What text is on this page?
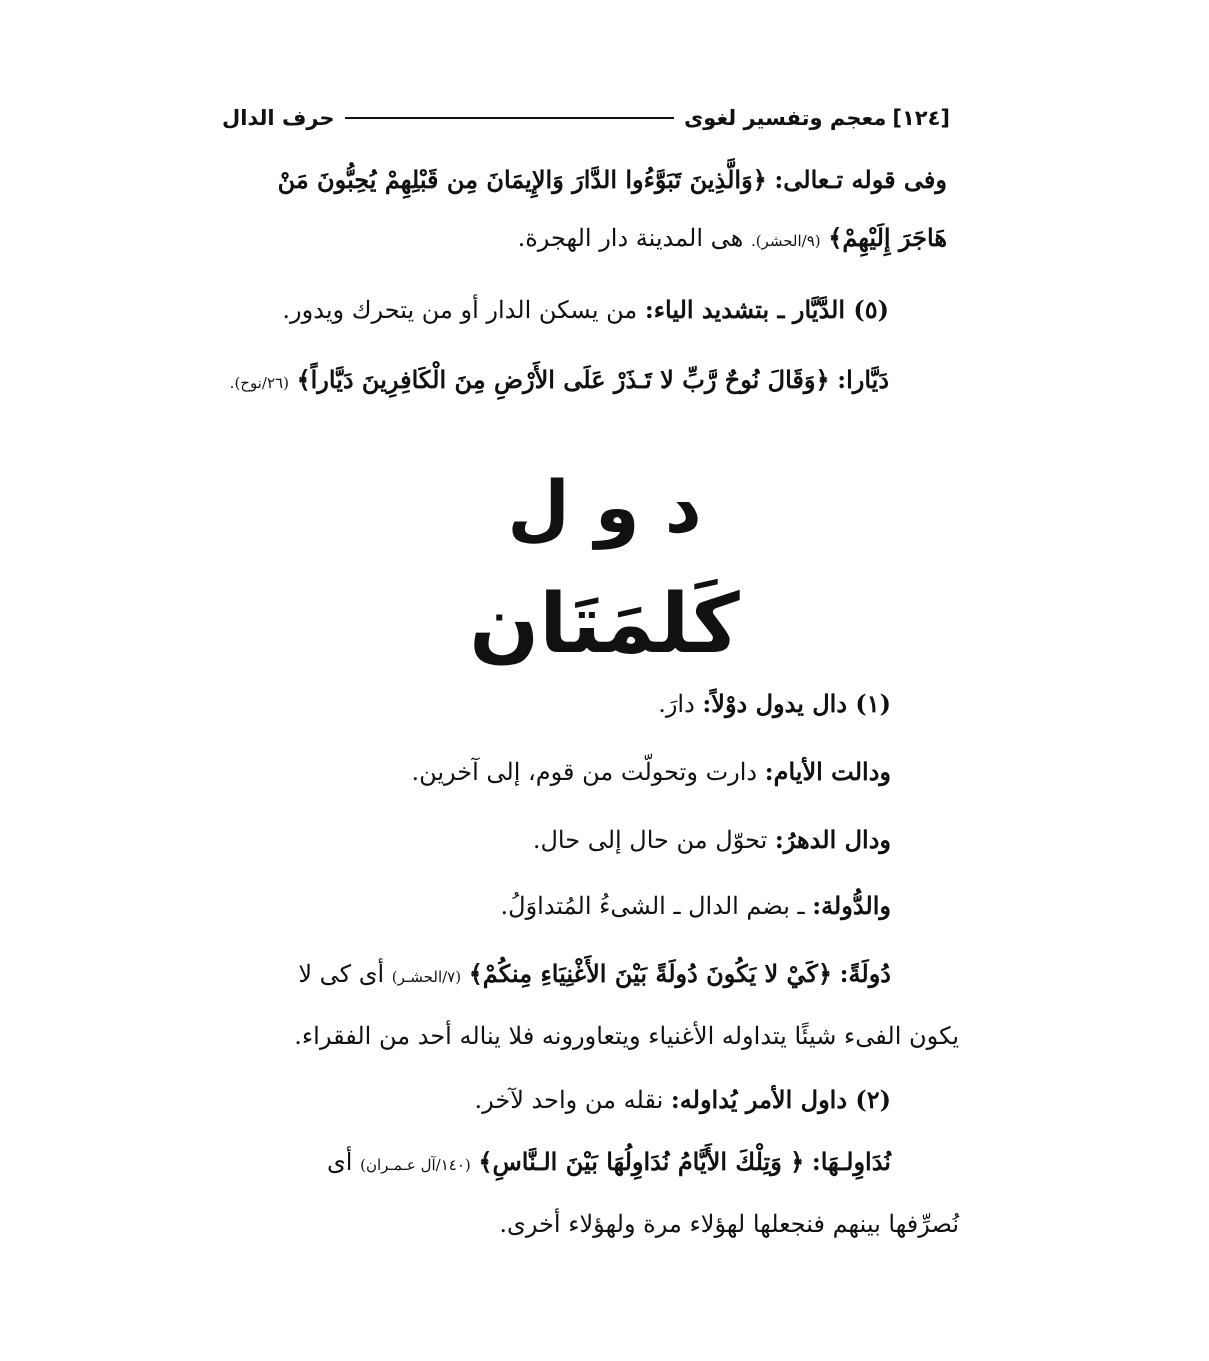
[١٢٤]
معجم وتفسير لغوى
حرف الدال
وفى قوله تـعالى: ﴿وَالَّذِينَ تَبَوَّءُوا الدَّارَ وَالإِيمَانَ مِن قَبْلِهِمْ يُحِبُّونَ مَنْ
هَاجَرَ إِلَيْهِمْ﴾ (٩/الحشر). هى المدينة دار الهجرة.
(٥) الدَّيَّار ـ بتشديد الياء: من يسكن الدار أو من يتحرك ويدور.
دَيَّارا: ﴿وَقَالَ نُوحٌ رَّبِّ لا تَـذَرْ عَلَى الأَرْضِ مِنَ الْكَافِرِينَ دَيَّاراً﴾ (٢٦/نوح).
د و ل
كَلمَتَان
(١) دال يدول دوْلاً: دارَ.
ودالت الأيام: دارت وتحولّت من قوم، إلى آخرين.
ودال الدهرُ: تحوّل من حال إلى حال.
والدُّولة: ـ بضم الدال ـ الشىءُ المُتداوَلُ.
دُولَةً: ﴿كَيْ لا يَكُونَ دُولَةً بَيْنَ الأَغْنِيَاءِ مِنكُمْ﴾ (٧/الحشـر) أى كى لا
يكون الفىء شيئًا يتداوله الأغنياء ويتعاورونه فلا يناله أحد من الفقراء.
(٢) داول الأمر يُداوله: نقله من واحد لآخر.
نُدَاوِلـهَا: ﴿ وَتِلْكَ الأَيَّامُ نُدَاوِلُهَا بَيْنَ الـنَّاسِ﴾ (١٤٠/آل عـمـران) أى
نُصرِّفها بينهم فنجعلها لهؤلاء مرة ولهؤلاء أخرى.
